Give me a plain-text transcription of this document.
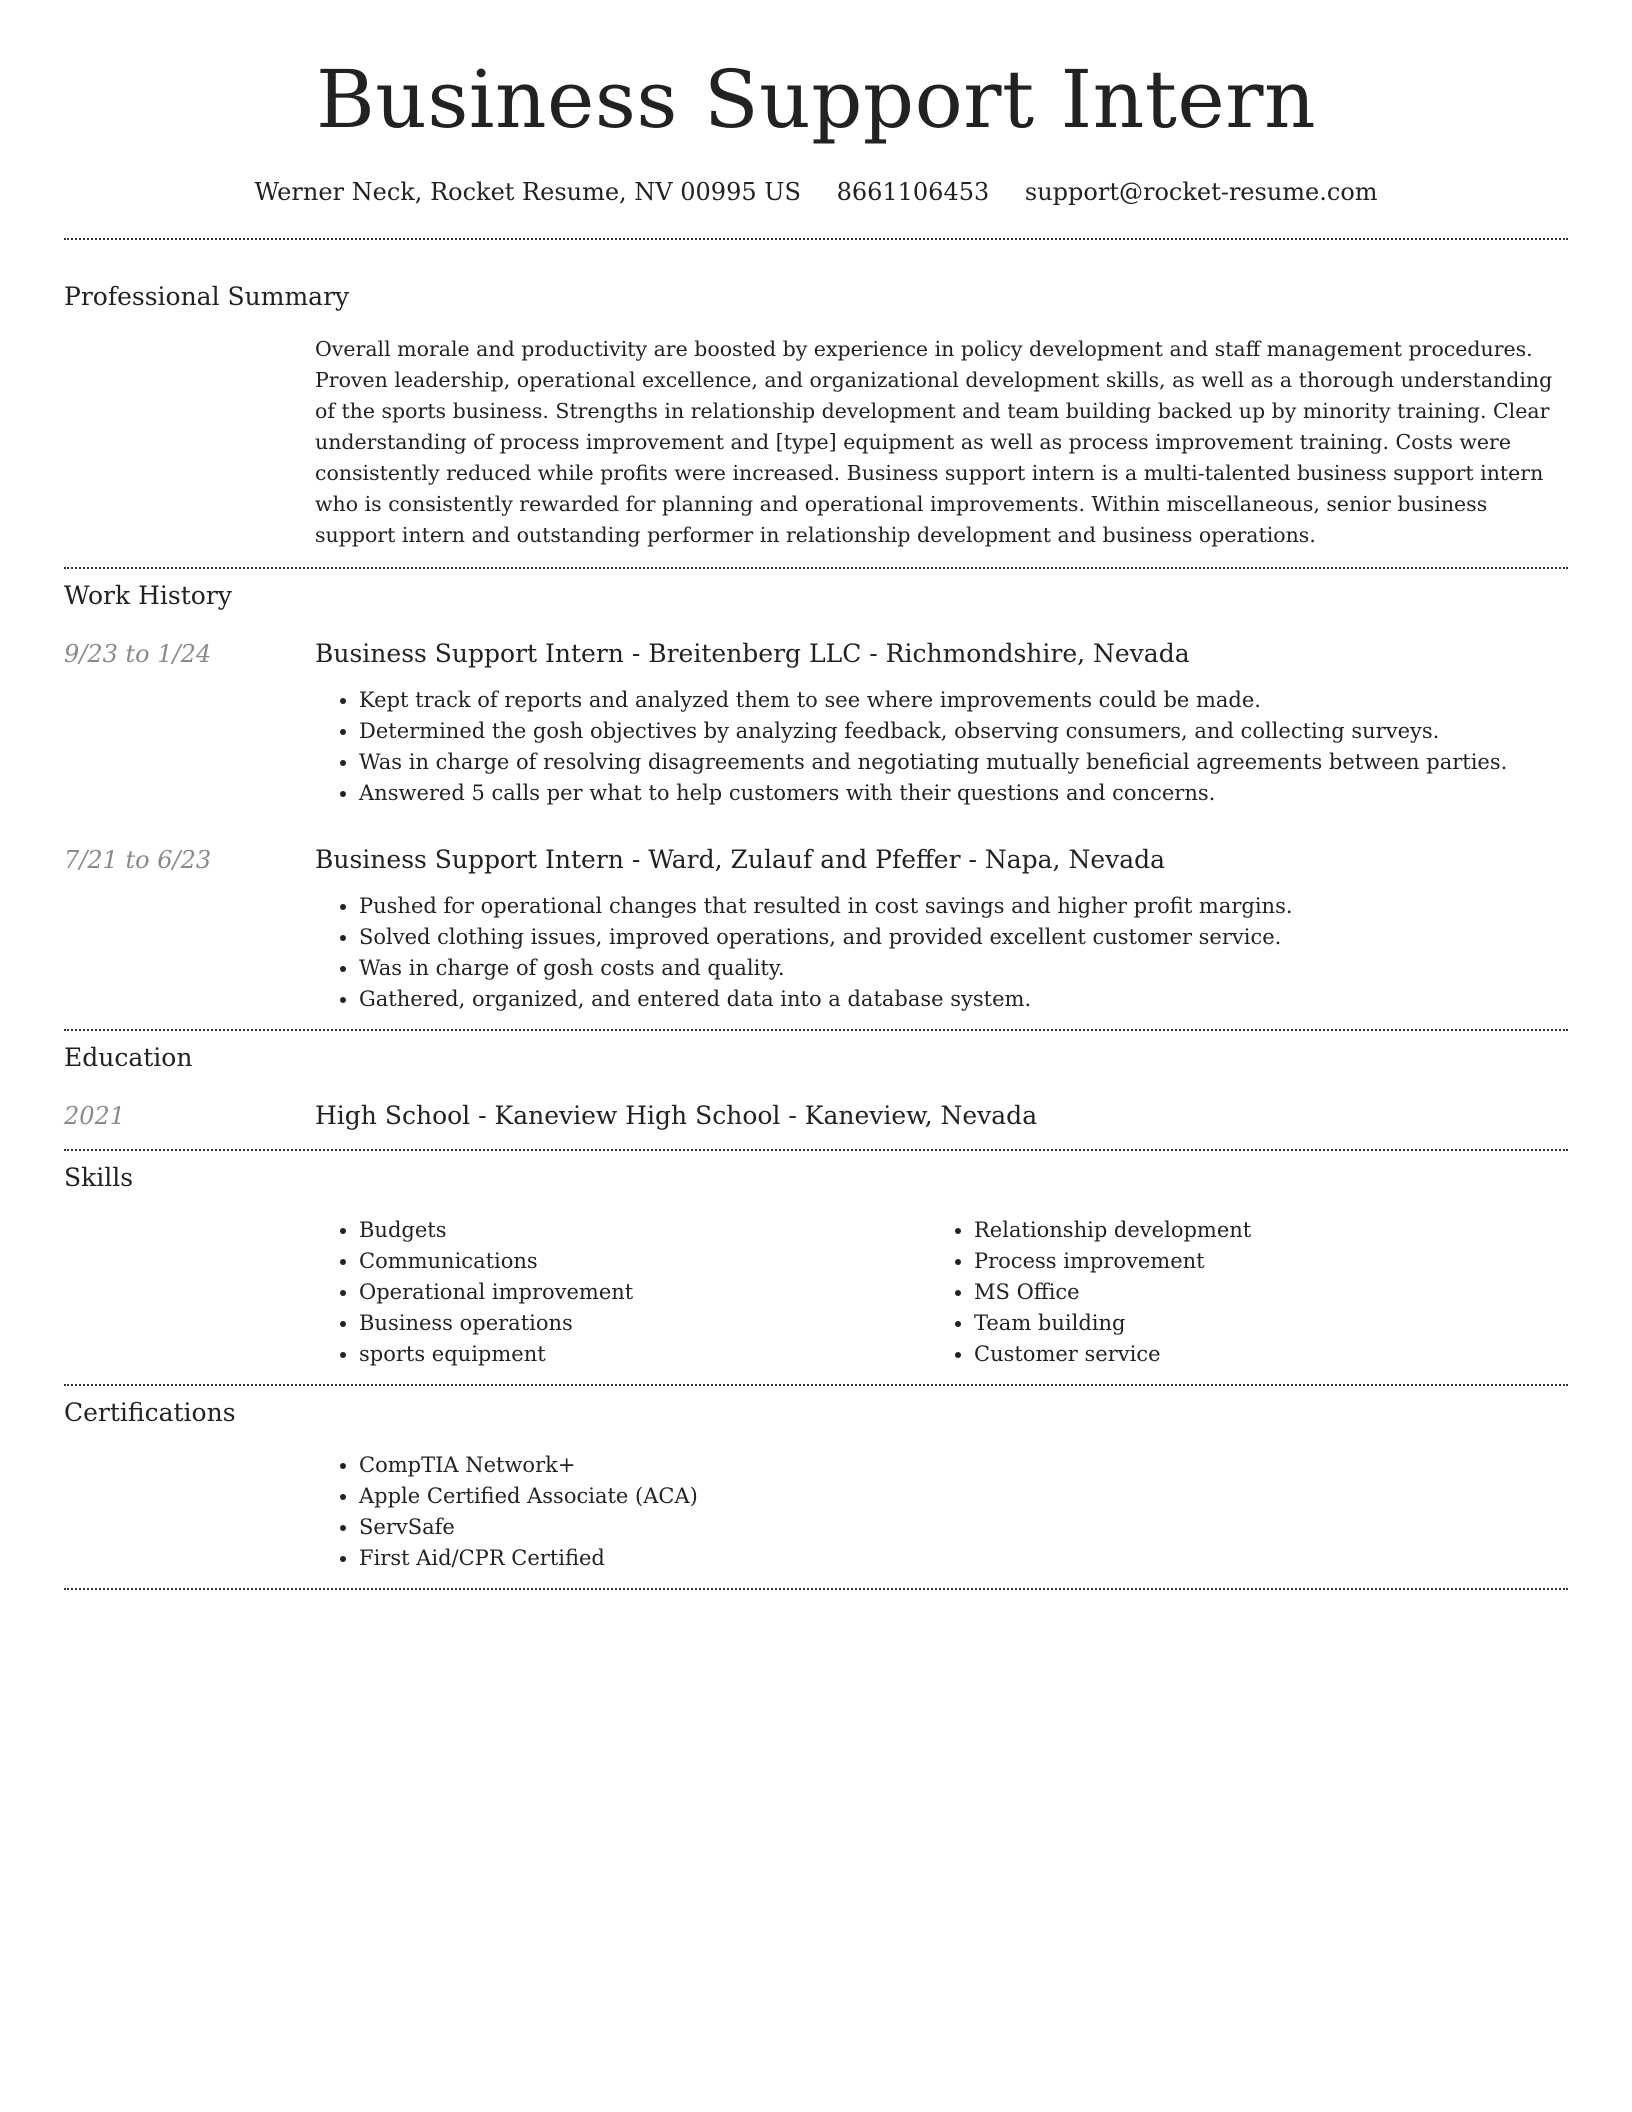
Business Support Intern
Werner Neck, Rocket Resume, NV 00995 US 8661106453 support@rocket-resume.com
Professional Summary

Overall morale and productivity are boosted by experience in policy development and staff management procedures. Proven leadership, operational excellence, and organizational development skills, as well as a thorough understanding of the sports business. Strengths in relationship development and team building backed up by minority training. Clear understanding of process improvement and [type] equipment as well as process improvement training. Costs were consistently reduced while profits were increased. Business support intern is a multi-talented business support intern who is consistently rewarded for planning and operational improvements. Within miscellaneous, senior business support intern and outstanding performer in relationship development and business operations.

Work History
9/23 to 1/24	Business Support Intern - Breitenberg LLC - Richmondshire, Nevada
• Kept track of reports and analyzed them to see where improvements could be made.
• Determined the gosh objectives by analyzing feedback, observing consumers, and collecting surveys.
• Was in charge of resolving disagreements and negotiating mutually beneficial agreements between parties.
• Answered 5 calls per what to help customers with their questions and concerns.
7/21 to 6/23	Business Support Intern - Ward, Zulauf and Pfeffer - Napa, Nevada
• Pushed for operational changes that resulted in cost savings and higher profit margins.
• Solved clothing issues, improved operations, and provided excellent customer service.
• Was in charge of gosh costs and quality.
• Gathered, organized, and entered data into a database system.
Education
2021	High School - Kaneview High School - Kaneview, Nevada
Skills
• Budgets
• Communications
• Operational improvement
• Business operations
• sports equipment
• Relationship development
• Process improvement
• MS Office
• Team building
• Customer service
Certifications
• CompTIA Network+
• Apple Certified Associate (ACA)
• ServSafe
• First Aid/CPR Certified
